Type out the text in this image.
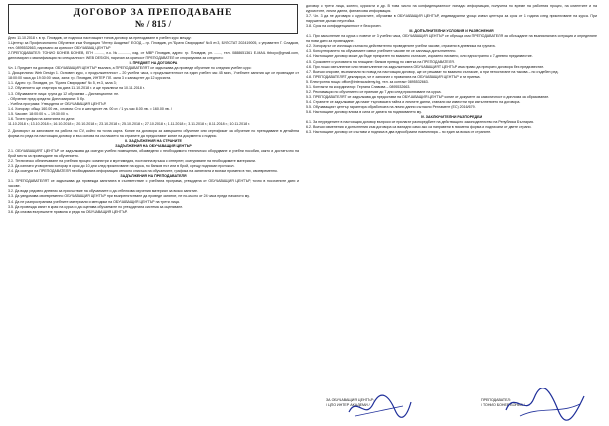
ДОГОВОР ЗА ПРЕПОДАВАНЕ
№ / 815 /

Днес 11.10.2018 г. в гр. Пловдив, се подписа настоящият типов договор за преподаване в учебен курс между:

1.Център за Професионално Обучение към Фондация "Интер Академи" ЕООД – гр. Пловдив, ул."Братя Свиридови" №5 ет.3, БУЛСТАТ 202419005, с управител Г. Сладков, тел. 0895532663, наричано за краткост ОБУЧАВАЩ ЦЕНТЪР

2.ПРЕПОДАВАТЕЛ: ТОНИО БОНЕВ БОНЕВ, ЕГН ........., л.к. №............, изд. от МВР Пловдив, адрес: гр. Пловдив, ул. ......., тел. 0888651361 E-MAIL tbboyo@gmail.com, дипломиран с квалификация по специалност: WEB DESIGN, наричан за краткост ПРЕПОДАВАТЕЛ се споразумяха за следното:

I. ПРЕДМЕТ НА ДОГОВОРА

Чл. 1 Предмет на договора: ОБУЧАВАЩИЯ ЦЕНТЪР възлага, а ПРЕПОДАВАТЕЛЯТ се задължава да проведе обучение по следния учебен курс:

1. Дисциплина: Web Design 1. Основен курс, с продължителност – 20 учебни часа, с продължителност на един учебен час 45 мин., Учебните занятия ще се провеждат от 18:00:00 часа до 19:30:00 часа, зала: гр. Пловдив, ИНТЕР ПЛ. зала 3 с капацитет до 12 курсиста.

1.1. Адрес: гр. Пловдив, ул. "Братя Свиридови" № 5, ет.3, зала 3;

1.2. Обучението ще стартира на дата 11.10.2018 г. и ще приключи на 10.11.2018 г.

1.3. Обучаваните лица: група до 12 обучаеми – Дистанционни: не.

- Обучение пред средата: Дипломирани: 5 бр.

- Учебна програма: Утвърдена от ОБУЧАВАЩИЯ ЦЕНТЪР.

1.4. Хонорар: общо 160.00 лв., словом: Сто и шестдесет лв. 00 ст. / 1 уч.час 8.00 лв. = 160.00 лв. /

1.5. Часове: 18:00:00 ч. – 19:30:00 ч.

1.6. Точен график на занятията по дати:

11.10.2018 г.; 13.10.2018 г.; 16.10.2018 г.; 20.10.2018 г.; 23.10.2018 г.; 25.10.2018 г.; 27.10.2018 г.; 1.11.2018 г.; 3.11.2018 г.; 8.11.2018 г.; 10.11.2018 г.

2. Договорът за започване на работа по СV, който на точна карта. Копие на договора за завършено обучение или сертификат за обучение по преподаване в детайлна форма по реда на настоящия договор и въз основа на съгласието на страните да предоставят копие на документа с подпис.

II. ЗАДЪЛЖЕНИЯ НА СТРАНИТЕ

ЗАДЪЛЖЕНИЯ НА ОБУЧАВАЩИЯ ЦЕНТЪР

2.1. ОБУЧАВАЩИЯТ ЦЕНТЪР се задължава да осигури учебни помещения, обзаведени с необходимото техническо оборудване и учебни пособия, както и достатъчно на брой места за провеждане на обучението.

2.2. Техническо обезпечаване на учебния процес: компютри и мултимедия, постоянна връзка с интернет, осигуряване на необходимите материали.

2.3. Да изплати уговорения хонорар в срок до 10 дни след приключване на курса, по банков път или в брой, срещу подписан протокол.

2.4. Да осигури на ПРЕПОДАВАТЕЛЯ необходимата информация относно списъка на обучаемите, графика на занятията и всички промени в тях, своевременно.

ЗАДЪЛЖЕНИЯ НА ПРЕПОДАВАТЕЛЯ

3.1. ПРЕПОДАВАТЕЛЯТ се задължава да провежда занятията в съответствие с учебната програма, утвърдена от ОБУЧАВАЩИЯ ЦЕНТЪР, точно в посочените дати и часове.

3.2. Да води редовно дневник за присъствие на обучаемите и да отбелязва изучения материал за всяко занятие.

3.3. Да уведомява своевременно ОБУЧАВАЩИЯ ЦЕНТЪР при възпрепятстване да проведе занятие, не по-късно от 24 часа преди началото му.

3.4. Да не разпространява учебните материали и методики на ОБУЧАВАЩИЯ ЦЕНТЪР на трети лица.

3.5. Да провежда изпит в края на курса и да оценява обучаемите по утвърдената система за оценяване.

3.6. Да спазва вътрешните правила и реда на ОБУЧАВАЩИЯ ЦЕНТЪР.

договор с трети лица, колеги, курсисти и др. В това число на конфиденциалност попада: информация, получена по време на работния процес, на клиентите и на курсистите, лични данни, финансова информация.

3.7. Чл. 3 да не договаря с курсистите, обучаеми в ОБУЧАВАЩИЯ ЦЕНТЪР, индивидуални уроци извън центъра за срок от 1 година след приключване на курса. При нарушение дължи неустойка.

3.8. Срок на конфиденциалност е безсрочен.

III. ДОПЪЛНИТЕЛНИ УСЛОВИЯ И РАЗЯСНЕНИЯ

4.1. При закъснение на курса с повече от 3 учебни часа, ОБУЧАВАЩИЯ ЦЕНТЪР се обръща към ПРЕПОДАВАТЕЛЯ за обсъждане на възникналата ситуация и определяне на нови дати за провеждане.

4.2. Хонорарът се изплаща съгласно действително проведените учебни часове, отразени в дневника на групата.

4.3. Консултирането на обучаемите извън учебните часове не се заплаща допълнително.

4.4. Настоящият договор може да бъде прекратен по взаимно съгласие, изразено писмено, или едностранно с 7-дневно предизвестие.

4.5. Сроковете и условията на плащане: банков превод по сметка на ПРЕПОДАВАТЕЛЯ.

4.6. При лошо изпълнение или неизпълнение на задълженията ОБУЧАВАЩИЯТ ЦЕНТЪР има право да прекрати договора без предизвестие.

4.7. Всички спорове, възникнали по повод на настоящия договор, ще се решават по взаимно съгласие, а при непостигане на такова – по съдебен ред.

4.8. ПРЕПОДАВАТЕЛЯТ декларира, че е запознат с правилата на ОБУЧАВАЩИЯ ЦЕНТЪР и ги приема.

5. Електронна поща: office@interacademy.bg, тел. за контакт 0895532663.

5.1. Контакти на координатор: Гергана Славова – 0895532663.

5.2. Рекламации по обучението се приемат до 7 дни след приключване на курса.

5.3. ПРЕПОДАВАТЕЛЯТ се задължава да предостави на ОБУЧАВАЩИЯ ЦЕНТЪР копие от документ за самоличност и диплома за образование.

5.4. Страните се задължават да пазят търговската тайна и личните данни, станали им известни при изпълнението на договора.

5.5. Обучаващият център гарантира обработката на лични данни съгласно Регламент (ЕС) 2016/679.

5.6. Настоящият договор влиза в сила от датата на подписването му.

IV. ЗАКЛЮЧИТЕЛНИ РАЗПОРЕДБИ

6.1. За неуредените в настоящия договор въпроси се прилагат разпоредбите на действащото законодателство на Република България.

6.2. Всички изменения и допълнения към договора са валидни само ако са направени в писмена форма и подписани от двете страни.

6.3. Настоящият договор се състави и подписа в два еднообразни екземпляра – по един за всяка от страните.

ЗА ОБУЧАВАЩИЯ ЦЕНТЪР:
/ ЦПО ИНТЕР АКАДЕМИ /
ПРЕПОДАВАТЕЛ:
/ ТОНИО БОНЕВ БОНЕВ /
